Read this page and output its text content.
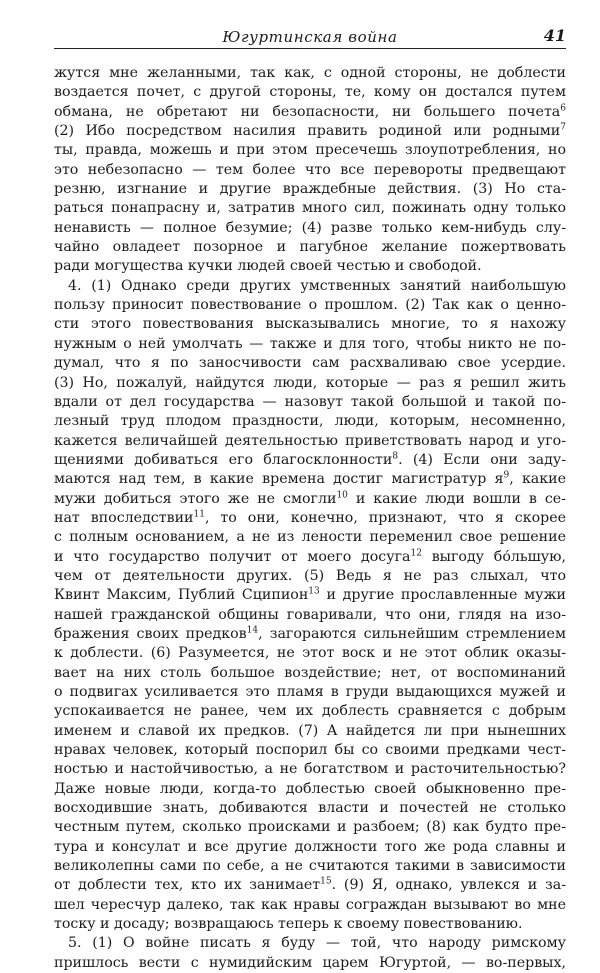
Югуртинская война	41
жутся мне желанными, так как, с одной стороны, не доблести
воздается почет, с другой стороны, те, кому он достался путем
обмана, не обретают ни безопасности, ни большего почета$^6$
(2) Ибо посредством насилия править родиной или родными$^7$
ты, правда, можешь и при этом пресечешь злоупотребления, но
это небезопасно — тем более что все перевороты предвещают
резню, изгнание и другие враждебные действия. (3) Но ста-
раться понапрасну и, затратив много сил, пожинать одну только
ненависть — полное безумие; (4) разве только кем-нибудь слу-
чайно овладеет позорное и пагубное желание пожертвовать
ради могущества кучки людей своей честью и свободой.
4. (1) Однако среди других умственных занятий наибольшую
пользу приносит повествование о прошлом. (2) Так как о ценно-
сти этого повествования высказывались многие, то я нахожу
нужным о ней умолчать — также и для того, чтобы никто не по-
думал, что я по заносчивости сам расхваливаю свое усердие.
(3) Но, пожалуй, найдутся люди, которые — раз я решил жить
вдали от дел государства — назовут такой большой и такой по-
лезный труд плодом праздности, люди, которым, несомненно,
кажется величайшей деятельностью приветствовать народ и уго-
щениями добиваться его благосклонности$^8$. (4) Если они заду-
маются над тем, в какие времена достиг магистратур $я^9$, какие
мужи добиться этого же не смогли$^{10}$ и какие люди вошли в се-
нат впоследствии$^{11}$, то они, конечно, признают, что я скорее
с полным основанием, а не из лености переменил свое решение
и что государство получит от моего досуга$^{12}$ выгоду бо́льшую,
чем от деятельности других. (5) Ведь я не раз слыхал, что
Квинт Максим, Публий Сципион$^{13}$ и другие прославленные мужи
нашей гражданской общины говаривали, что они, глядя на изо-
бражения своих предков$^{14}$, загораются сильнейшим стремлением
к доблести. (6) Разумеется, не этот воск и не этот облик оказы-
вает на них столь большое воздействие; нет, от воспоминаний
о подвигах усиливается это пламя в груди выдающихся мужей и
успокаивается не ранее, чем их доблесть сравняется с добрым
именем и славой их предков. (7) А найдется ли при нынешних
нравах человек, который поспорил бы со своими предками чест-
ностью и настойчивостью, а не богатством и расточительностью?
Даже новые люди, когда-то доблестью своей обыкновенно пре-
восходившие знать, добиваются власти и почестей не столько
честным путем, сколько происками и разбоем; (8) как будто пре-
тура и консулат и все другие должности того же рода славны и
великолепны сами по себе, а не считаются такими в зависимости
от доблести тех, кто их занимает$^{15}$. (9) Я, однако, увлекся и за-
шел чересчур далеко, так как нравы сограждан вызывают во мне
тоску и досаду; возвращаюсь теперь к своему повествованию.
5. (1) О войне писать я буду — той, что народу римскому
пришлось вести с нумидийским царем Югуртой, — во-первых,
